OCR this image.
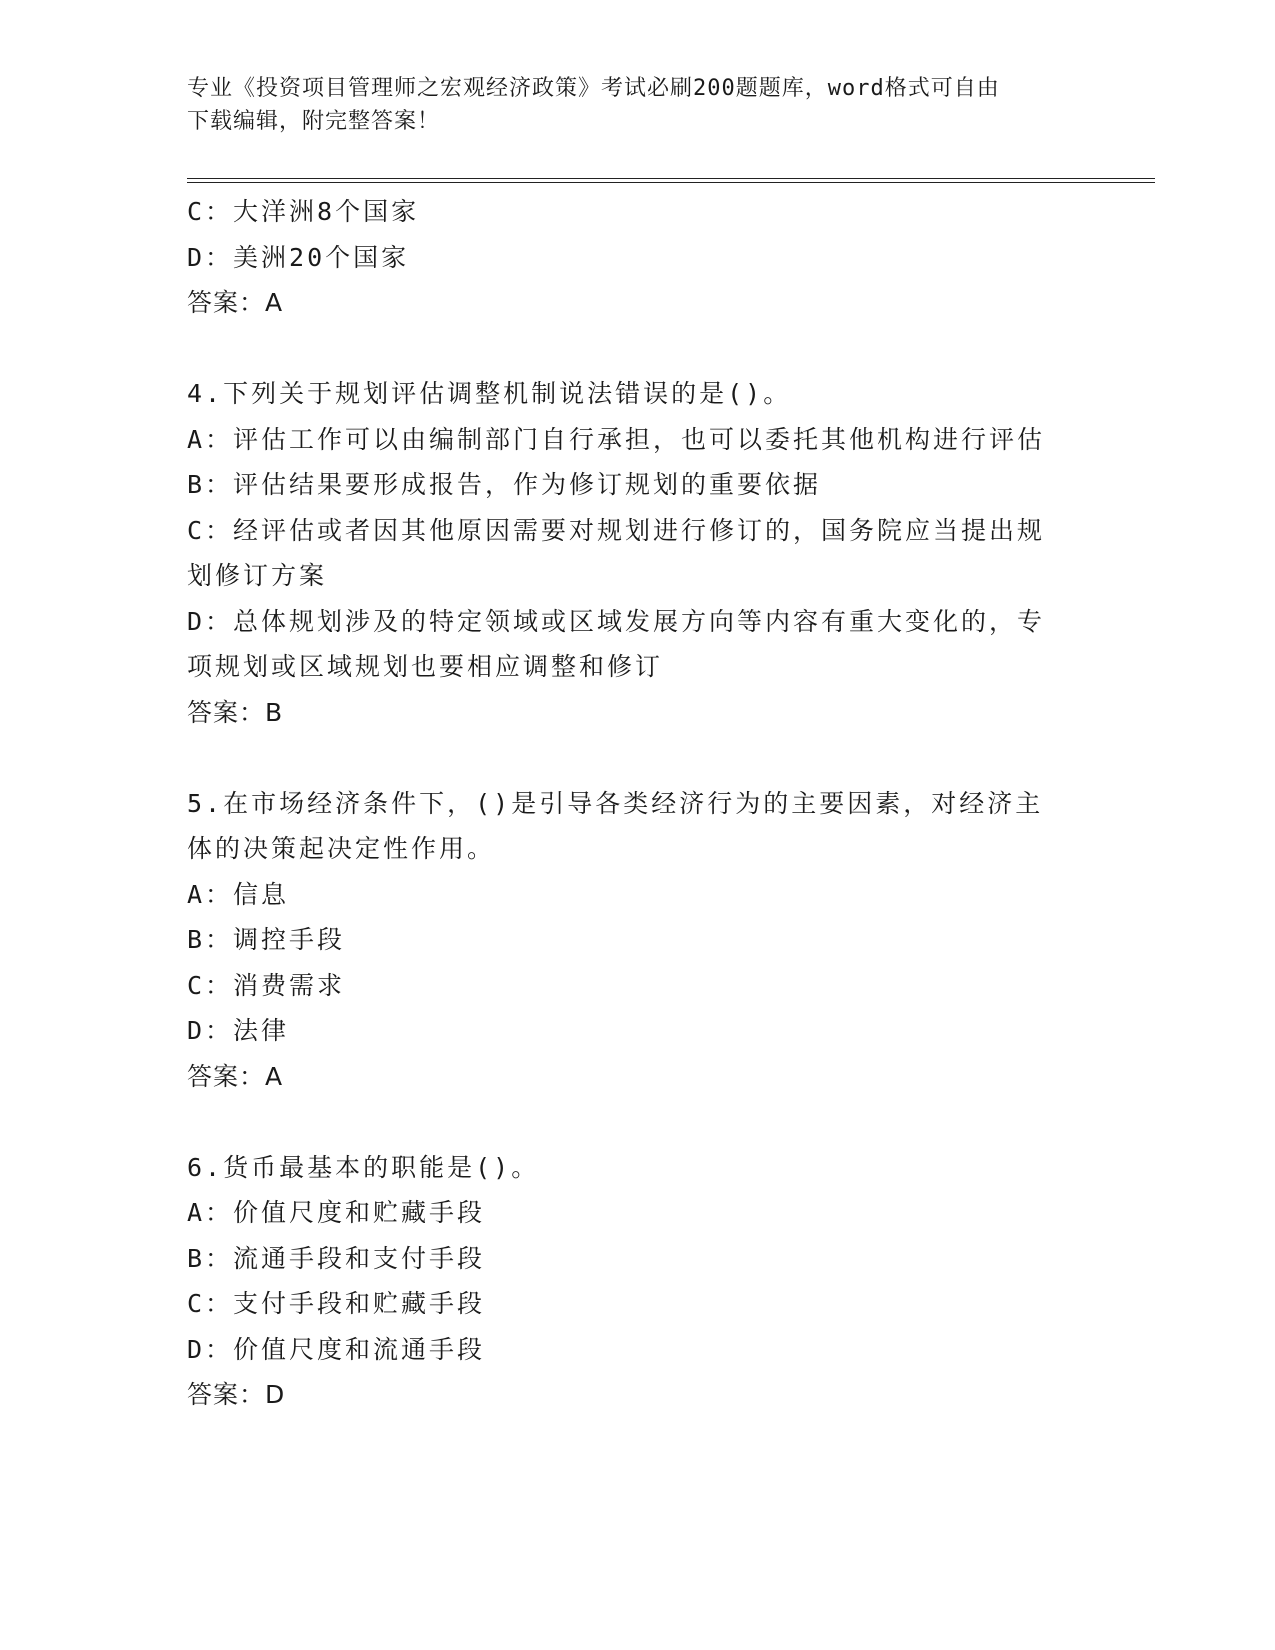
专业《投资项目管理师之宏观经济政策》考试必刷200题题库，word格式可自由
下载编辑，附完整答案！
C：大洋洲8个国家
D：美洲20个国家
答案：A
4.下列关于规划评估调整机制说法错误的是()。
A：评估工作可以由编制部门自行承担，也可以委托其他机构进行评估
B：评估结果要形成报告，作为修订规划的重要依据
C：经评估或者因其他原因需要对规划进行修订的，国务院应当提出规
划修订方案
D：总体规划涉及的特定领域或区域发展方向等内容有重大变化的，专
项规划或区域规划也要相应调整和修订
答案：B
5.在市场经济条件下，()是引导各类经济行为的主要因素，对经济主
体的决策起决定性作用。
A：信息
B：调控手段
C：消费需求
D：法律
答案：A
6.货币最基本的职能是()。
A：价值尺度和贮藏手段
B：流通手段和支付手段
C：支付手段和贮藏手段
D：价值尺度和流通手段
答案：D
